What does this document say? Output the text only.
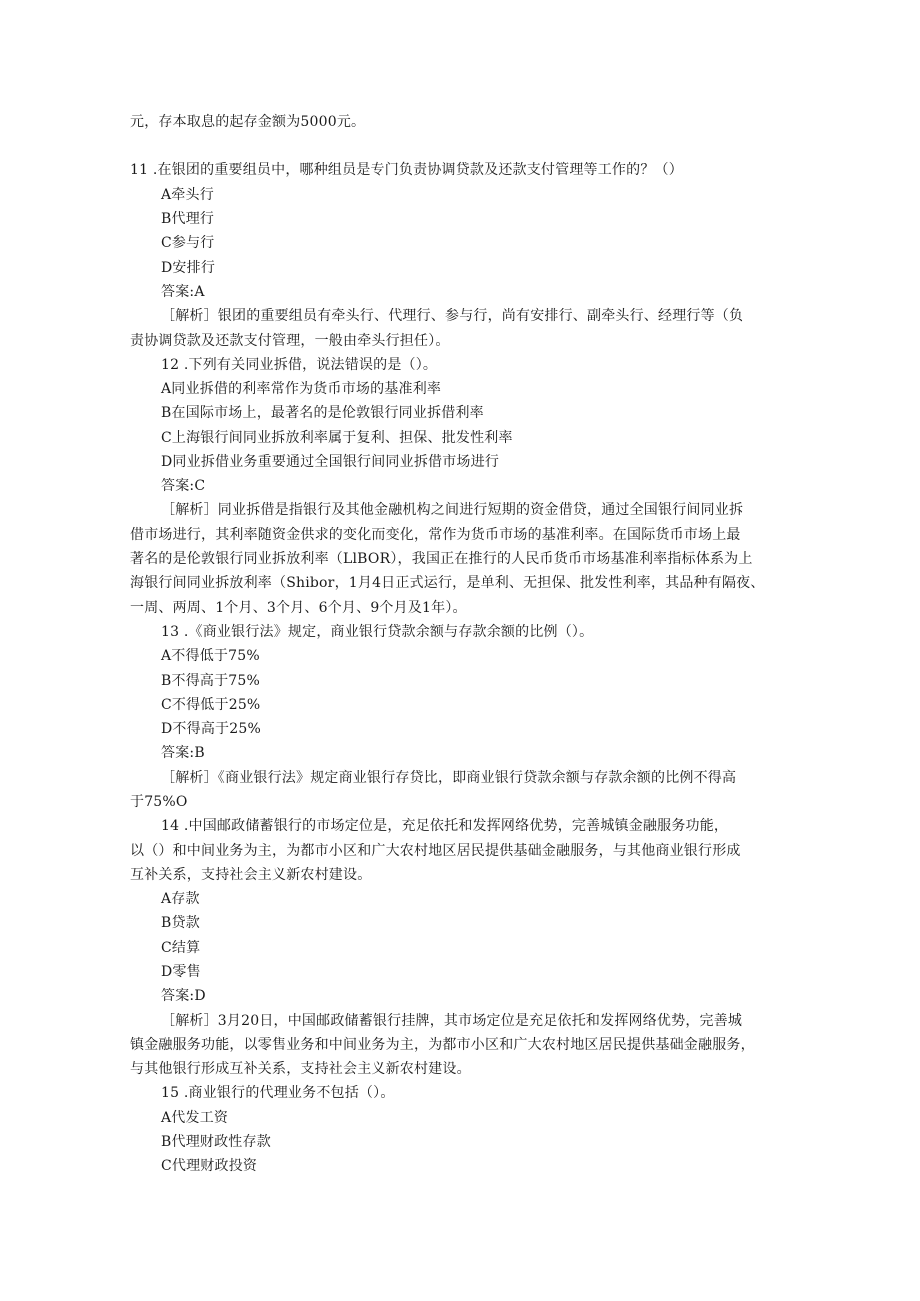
元，存本取息的起存金额为5000元。
11 .在银团的重要组员中，哪种组员是专门负责协调贷款及还款支付管理等工作的？（）
A牵头行
B代理行
C参与行
D安排行
答案:A
［解析］银团的重要组员有牵头行、代理行、参与行，尚有安排行、副牵头行、经理行等（负
责协调贷款及还款支付管理，一般由牵头行担任）。
12 .下列有关同业拆借，说法错误的是（）。
A同业拆借的利率常作为货币市场的基准利率
B在国际市场上，最著名的是伦敦银行同业拆借利率
C上海银行间同业拆放利率属于复利、担保、批发性利率
D同业拆借业务重要通过全国银行间同业拆借市场进行
答案:C
［解析］同业拆借是指银行及其他金融机构之间进行短期的资金借贷，通过全国银行间同业拆
借市场进行，其利率随资金供求的变化而变化，常作为货币市场的基准利率。在国际货币市场上最
著名的是伦敦银行同业拆放利率（LlBOR），我国正在推行的人民币货币市场基准利率指标体系为上
海银行间同业拆放利率（Shibor，1月4日正式运行，是单利、无担保、批发性利率，其品种有隔夜、
一周、两周、1个月、3个月、6个月、9个月及1年）。
13 .《商业银行法》规定，商业银行贷款余额与存款余额的比例（）。
A不得低于75%
B不得高于75%
C不得低于25%
D不得高于25%
答案:B
［解析］《商业银行法》规定商业银行存贷比，即商业银行贷款余额与存款余额的比例不得高
于75%O
14 .中国邮政储蓄银行的市场定位是，充足依托和发挥网络优势，完善城镇金融服务功能，
以（）和中间业务为主，为都市小区和广大农村地区居民提供基础金融服务，与其他商业银行形成
互补关系，支持社会主义新农村建设。
A存款
B贷款
C结算
D零售
答案:D
［解析］3月20日，中国邮政储蓄银行挂牌，其市场定位是充足依托和发挥网络优势，完善城
镇金融服务功能，以零售业务和中间业务为主，为都市小区和广大农村地区居民提供基础金融服务，
与其他银行形成互补关系，支持社会主义新农村建设。
15 .商业银行的代理业务不包括（）。
A代发工资
B代理财政性存款
C代理财政投资
